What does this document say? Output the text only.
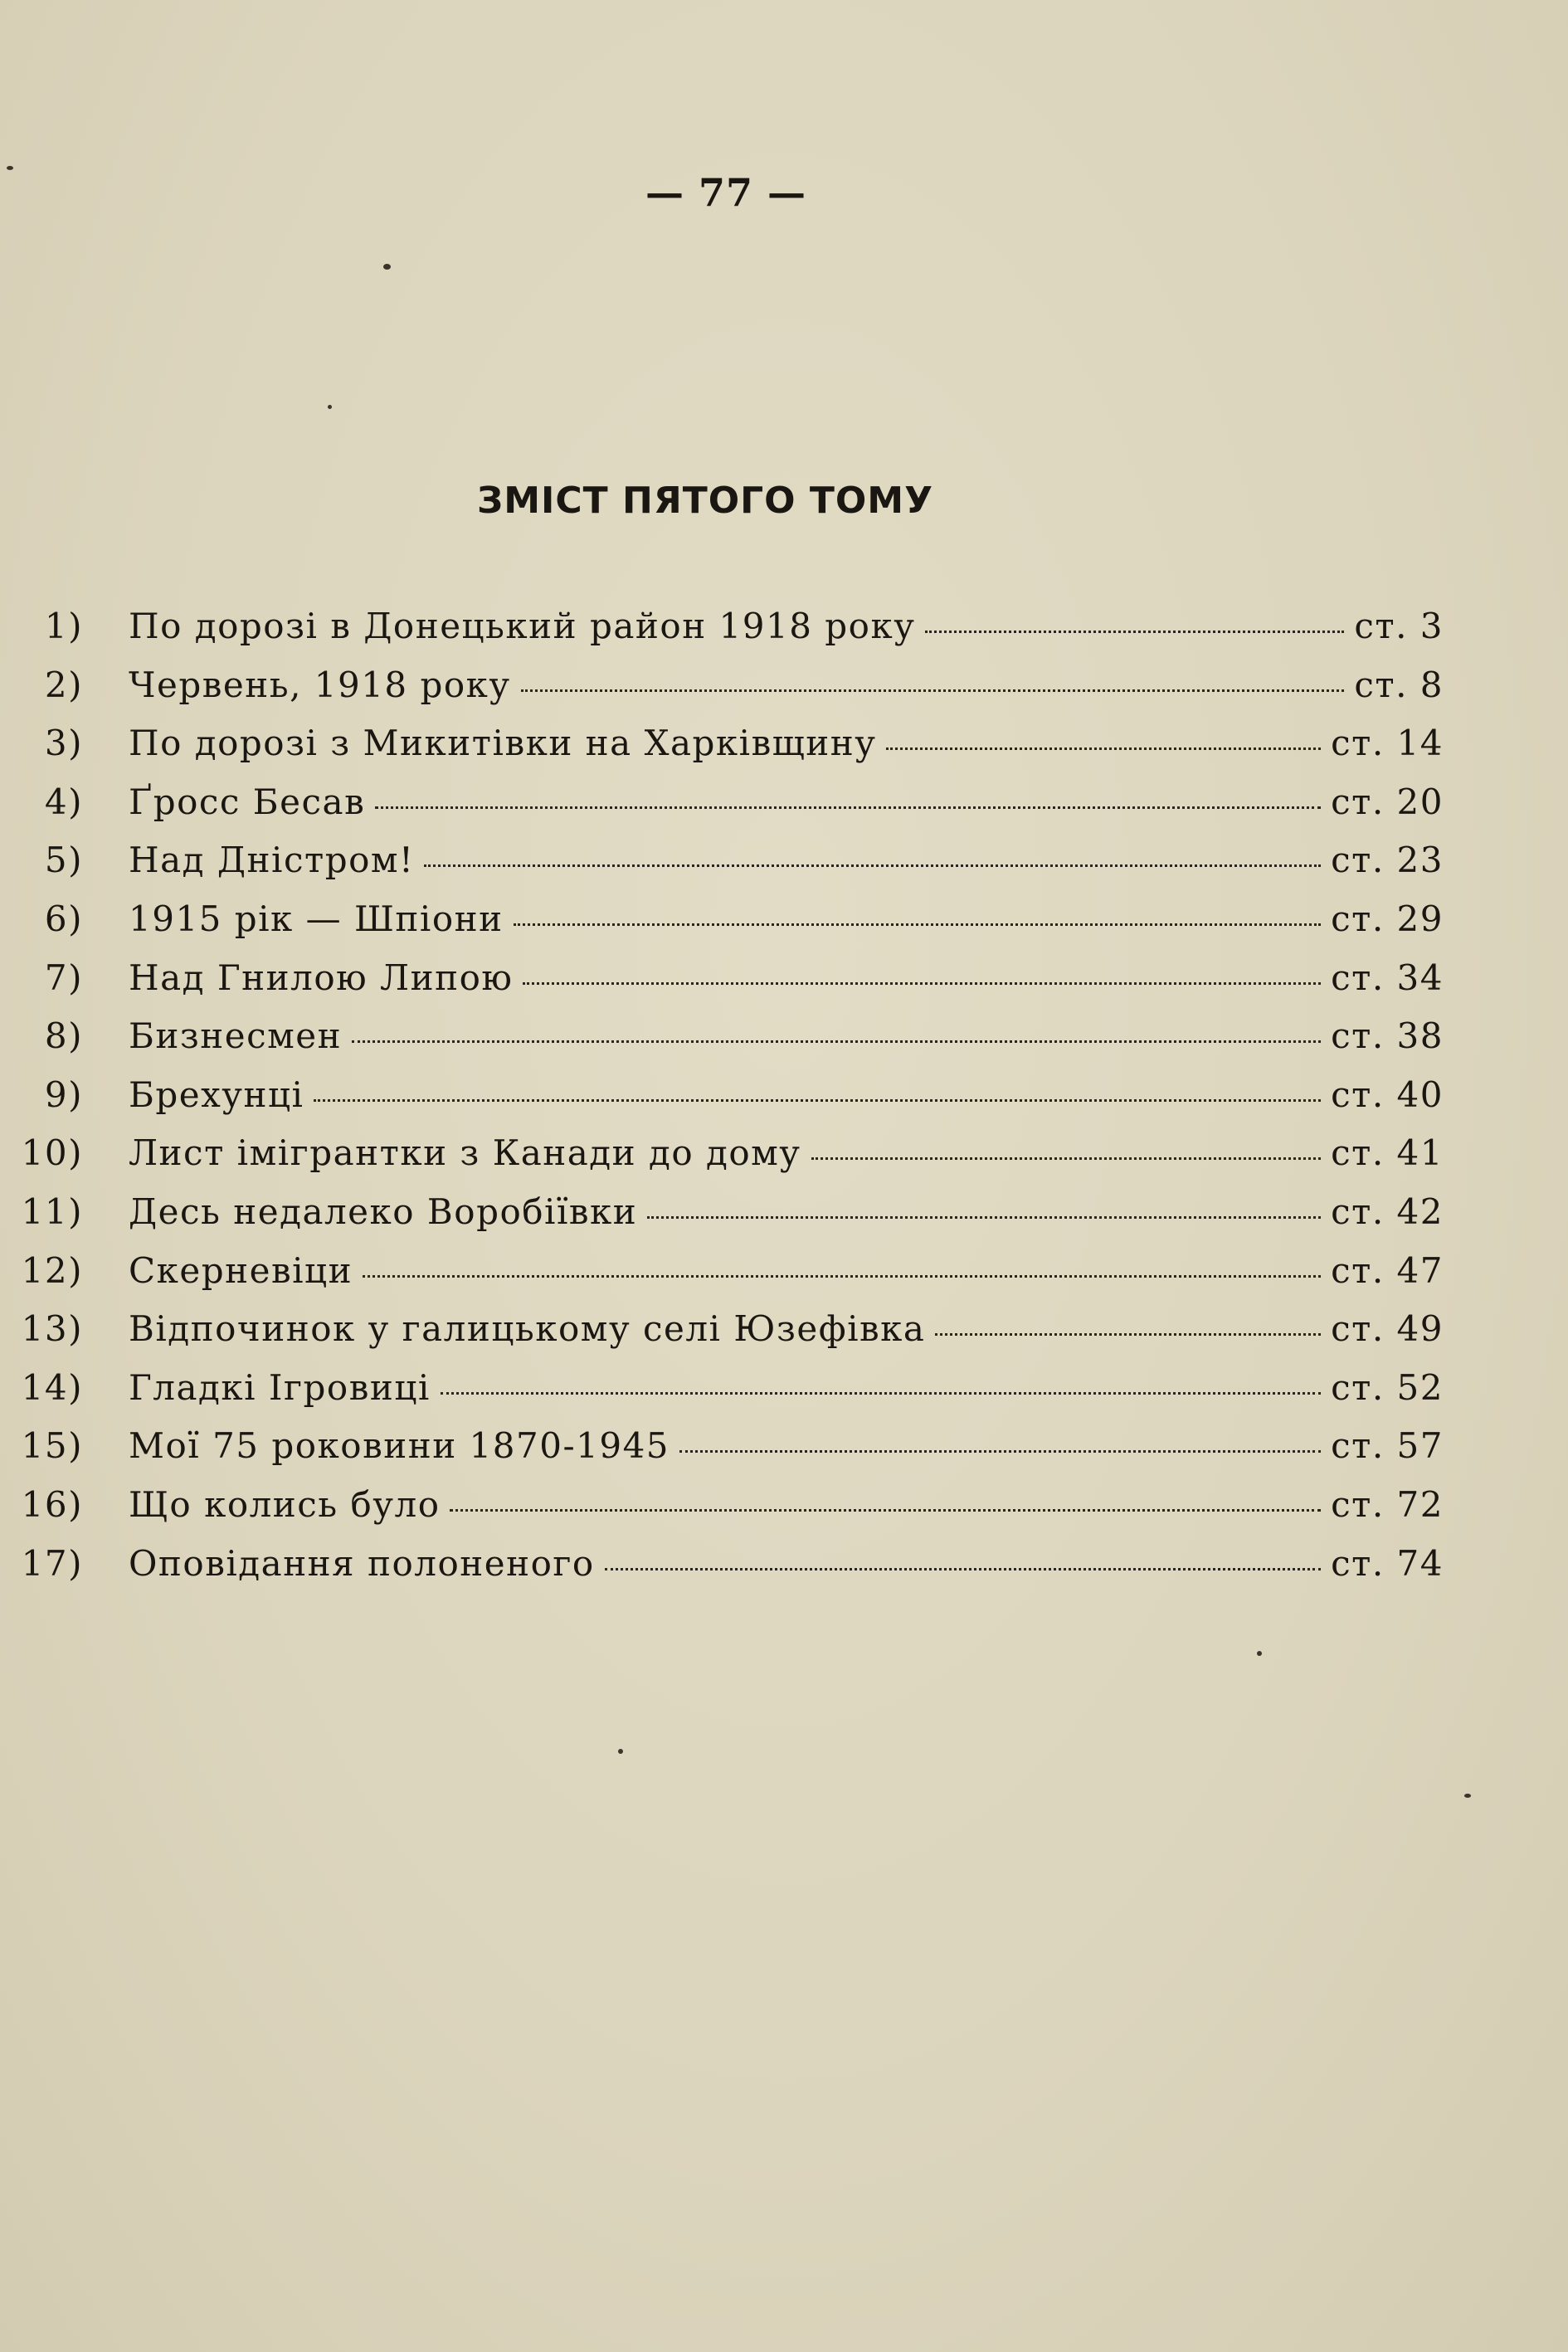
— 77 —
ЗМІСТ ПЯТОГО ТОМУ
1) По дорозі в Донецький район 1918 року	ст. 3
2) Червень, 1918 року	ст. 8
3) По дорозі з Микитівки на Харківщину	ст. 14
4) Ґросс Бесав	ст. 20
5) Над Дністром!	ст. 23
6) 1915 рік — Шпіони	ст. 29
7) Над Гнилою Липою	ст. 34
8) Бизнесмен	ст. 38
9) Брехунці	ст. 40
10) Лист імігрантки з Канади до дому	ст. 41
11) Десь недалеко Воробіївки	ст. 42
12) Скерневіци	ст. 47
13) Відпочинок у галицькому селі Юзефівка	ст. 49
14) Гладкі Ігровиці	ст. 52
15) Мої 75 роковини 1870-1945	ст. 57
16) Що колись було	ст. 72
17) Оповідання полоненого	ст. 74
